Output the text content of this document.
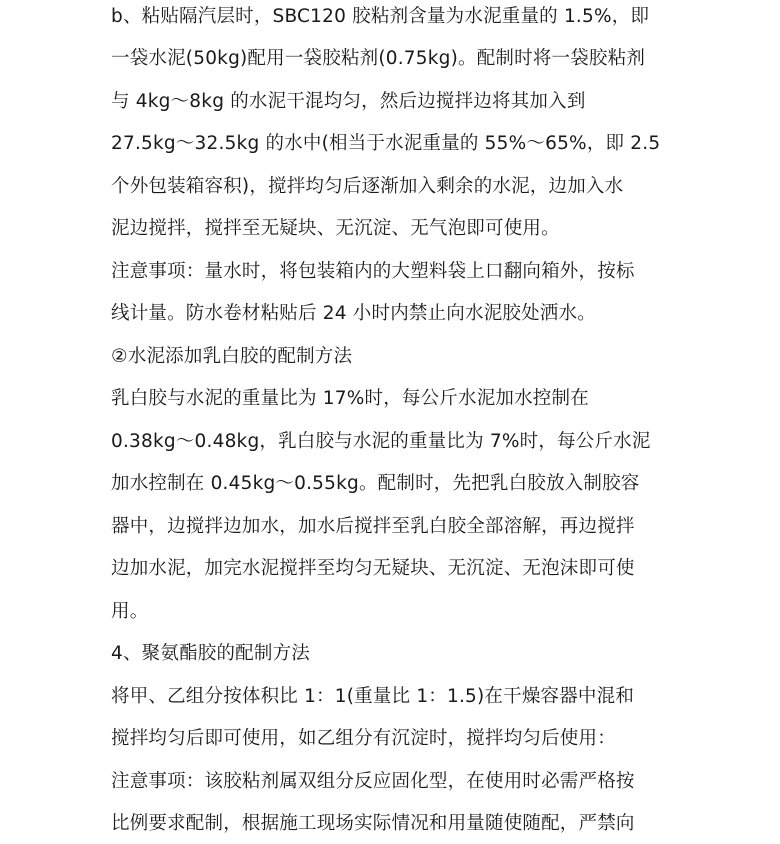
b、粘贴隔汽层时，SBC120 胶粘剂含量为水泥重量的 1.5%，即
一袋水泥(50kg)配用一袋胶粘剂(0.75kg)。配制时将一袋胶粘剂
与 4kg～8kg 的水泥干混均匀，然后边搅拌边将其加入到
27.5kg～32.5kg 的水中(相当于水泥重量的 55%～65%，即 2.5
个外包装箱容积)，搅拌均匀后逐渐加入剩余的水泥，边加入水
泥边搅拌，搅拌至无疑块、无沉淀、无气泡即可使用。
注意事项：量水时，将包装箱内的大塑料袋上口翻向箱外，按标
线计量。防水卷材粘贴后 24 小时内禁止向水泥胶处洒水。
②水泥添加乳白胶的配制方法
乳白胶与水泥的重量比为 17%时，每公斤水泥加水控制在
0.38kg～0.48kg，乳白胶与水泥的重量比为 7%时，每公斤水泥
加水控制在 0.45kg～0.55kg。配制时，先把乳白胶放入制胶容
器中，边搅拌边加水，加水后搅拌至乳白胶全部溶解，再边搅拌
边加水泥，加完水泥搅拌至均匀无疑块、无沉淀、无泡沫即可使
用。
4、聚氨酯胶的配制方法
将甲、乙组分按体积比 1：1(重量比 1：1.5)在干燥容器中混和
搅拌均匀后即可使用，如乙组分有沉淀时，搅拌均匀后使用：
注意事项：该胶粘剂属双组分反应固化型，在使用时必需严格按
比例要求配制，根据施工现场实际情况和用量随使随配，严禁向
